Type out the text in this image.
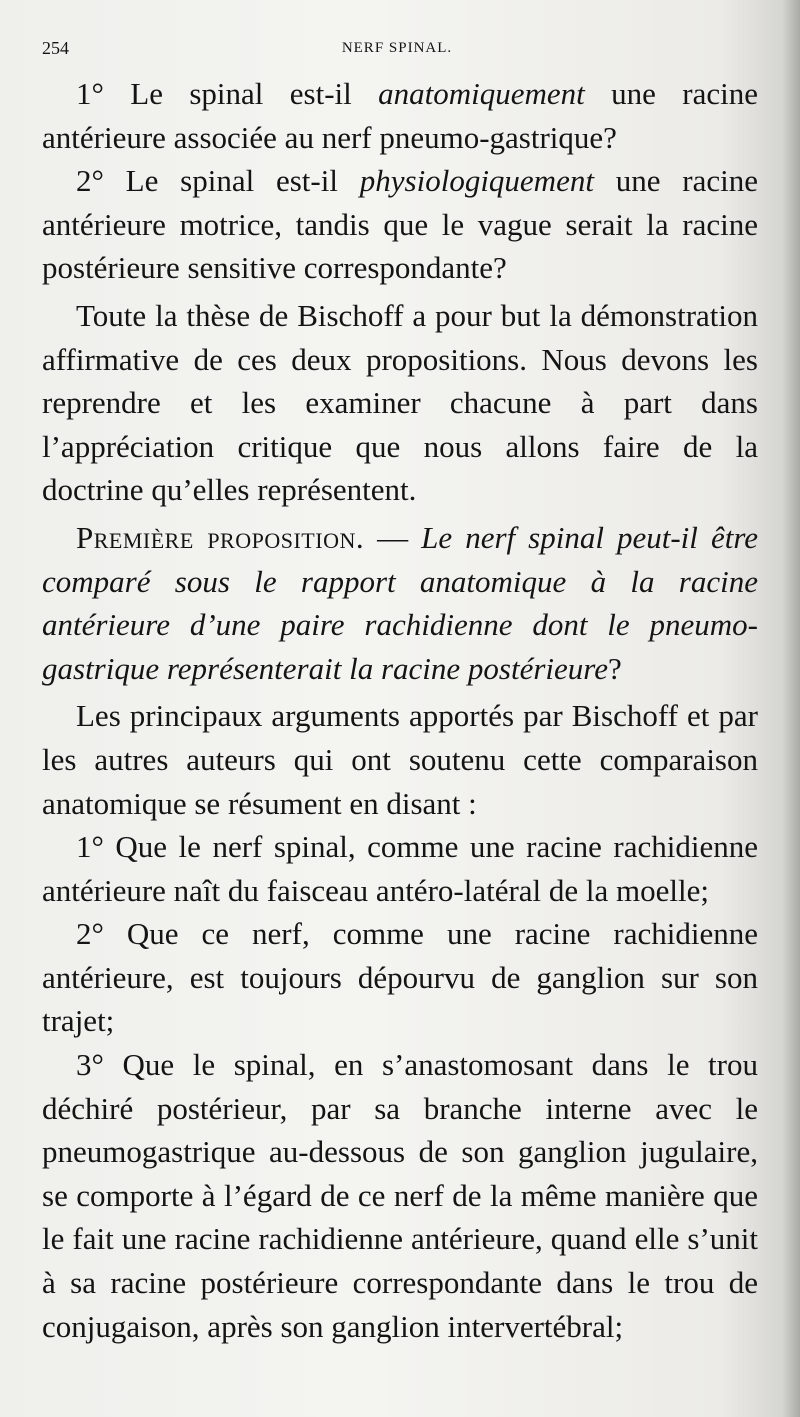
254	NERF SPINAL.

1° Le spinal est-il anatomiquement une racine antérieure associée au nerf pneumo-gastrique?

2° Le spinal est-il physiologiquement une racine antérieure motrice, tandis que le vague serait la racine postérieure sensitive correspondante?

Toute la thèse de Bischoff a pour but la démonstration affirmative de ces deux propositions. Nous devons les reprendre et les examiner chacune à part dans l’appréciation critique que nous allons faire de la doctrine qu’elles représentent.

Première proposition. — Le nerf spinal peut-il être comparé sous le rapport anatomique à la racine antérieure d’une paire rachidienne dont le pneumo-gastrique représenterait la racine postérieure?

Les principaux arguments apportés par Bischoff et par les autres auteurs qui ont soutenu cette comparaison anatomique se résument en disant :

1° Que le nerf spinal, comme une racine rachidienne antérieure naît du faisceau antéro-latéral de la moelle;

2° Que ce nerf, comme une racine rachidienne antérieure, est toujours dépourvu de ganglion sur son trajet;

3° Que le spinal, en s’anastomosant dans le trou déchiré postérieur, par sa branche interne avec le pneumogastrique au-dessous de son ganglion jugulaire, se comporte à l’égard de ce nerf de la même manière que le fait une racine rachidienne antérieure, quand elle s’unit à sa racine postérieure correspondante dans le trou de conjugaison, après son ganglion intervertébral;
